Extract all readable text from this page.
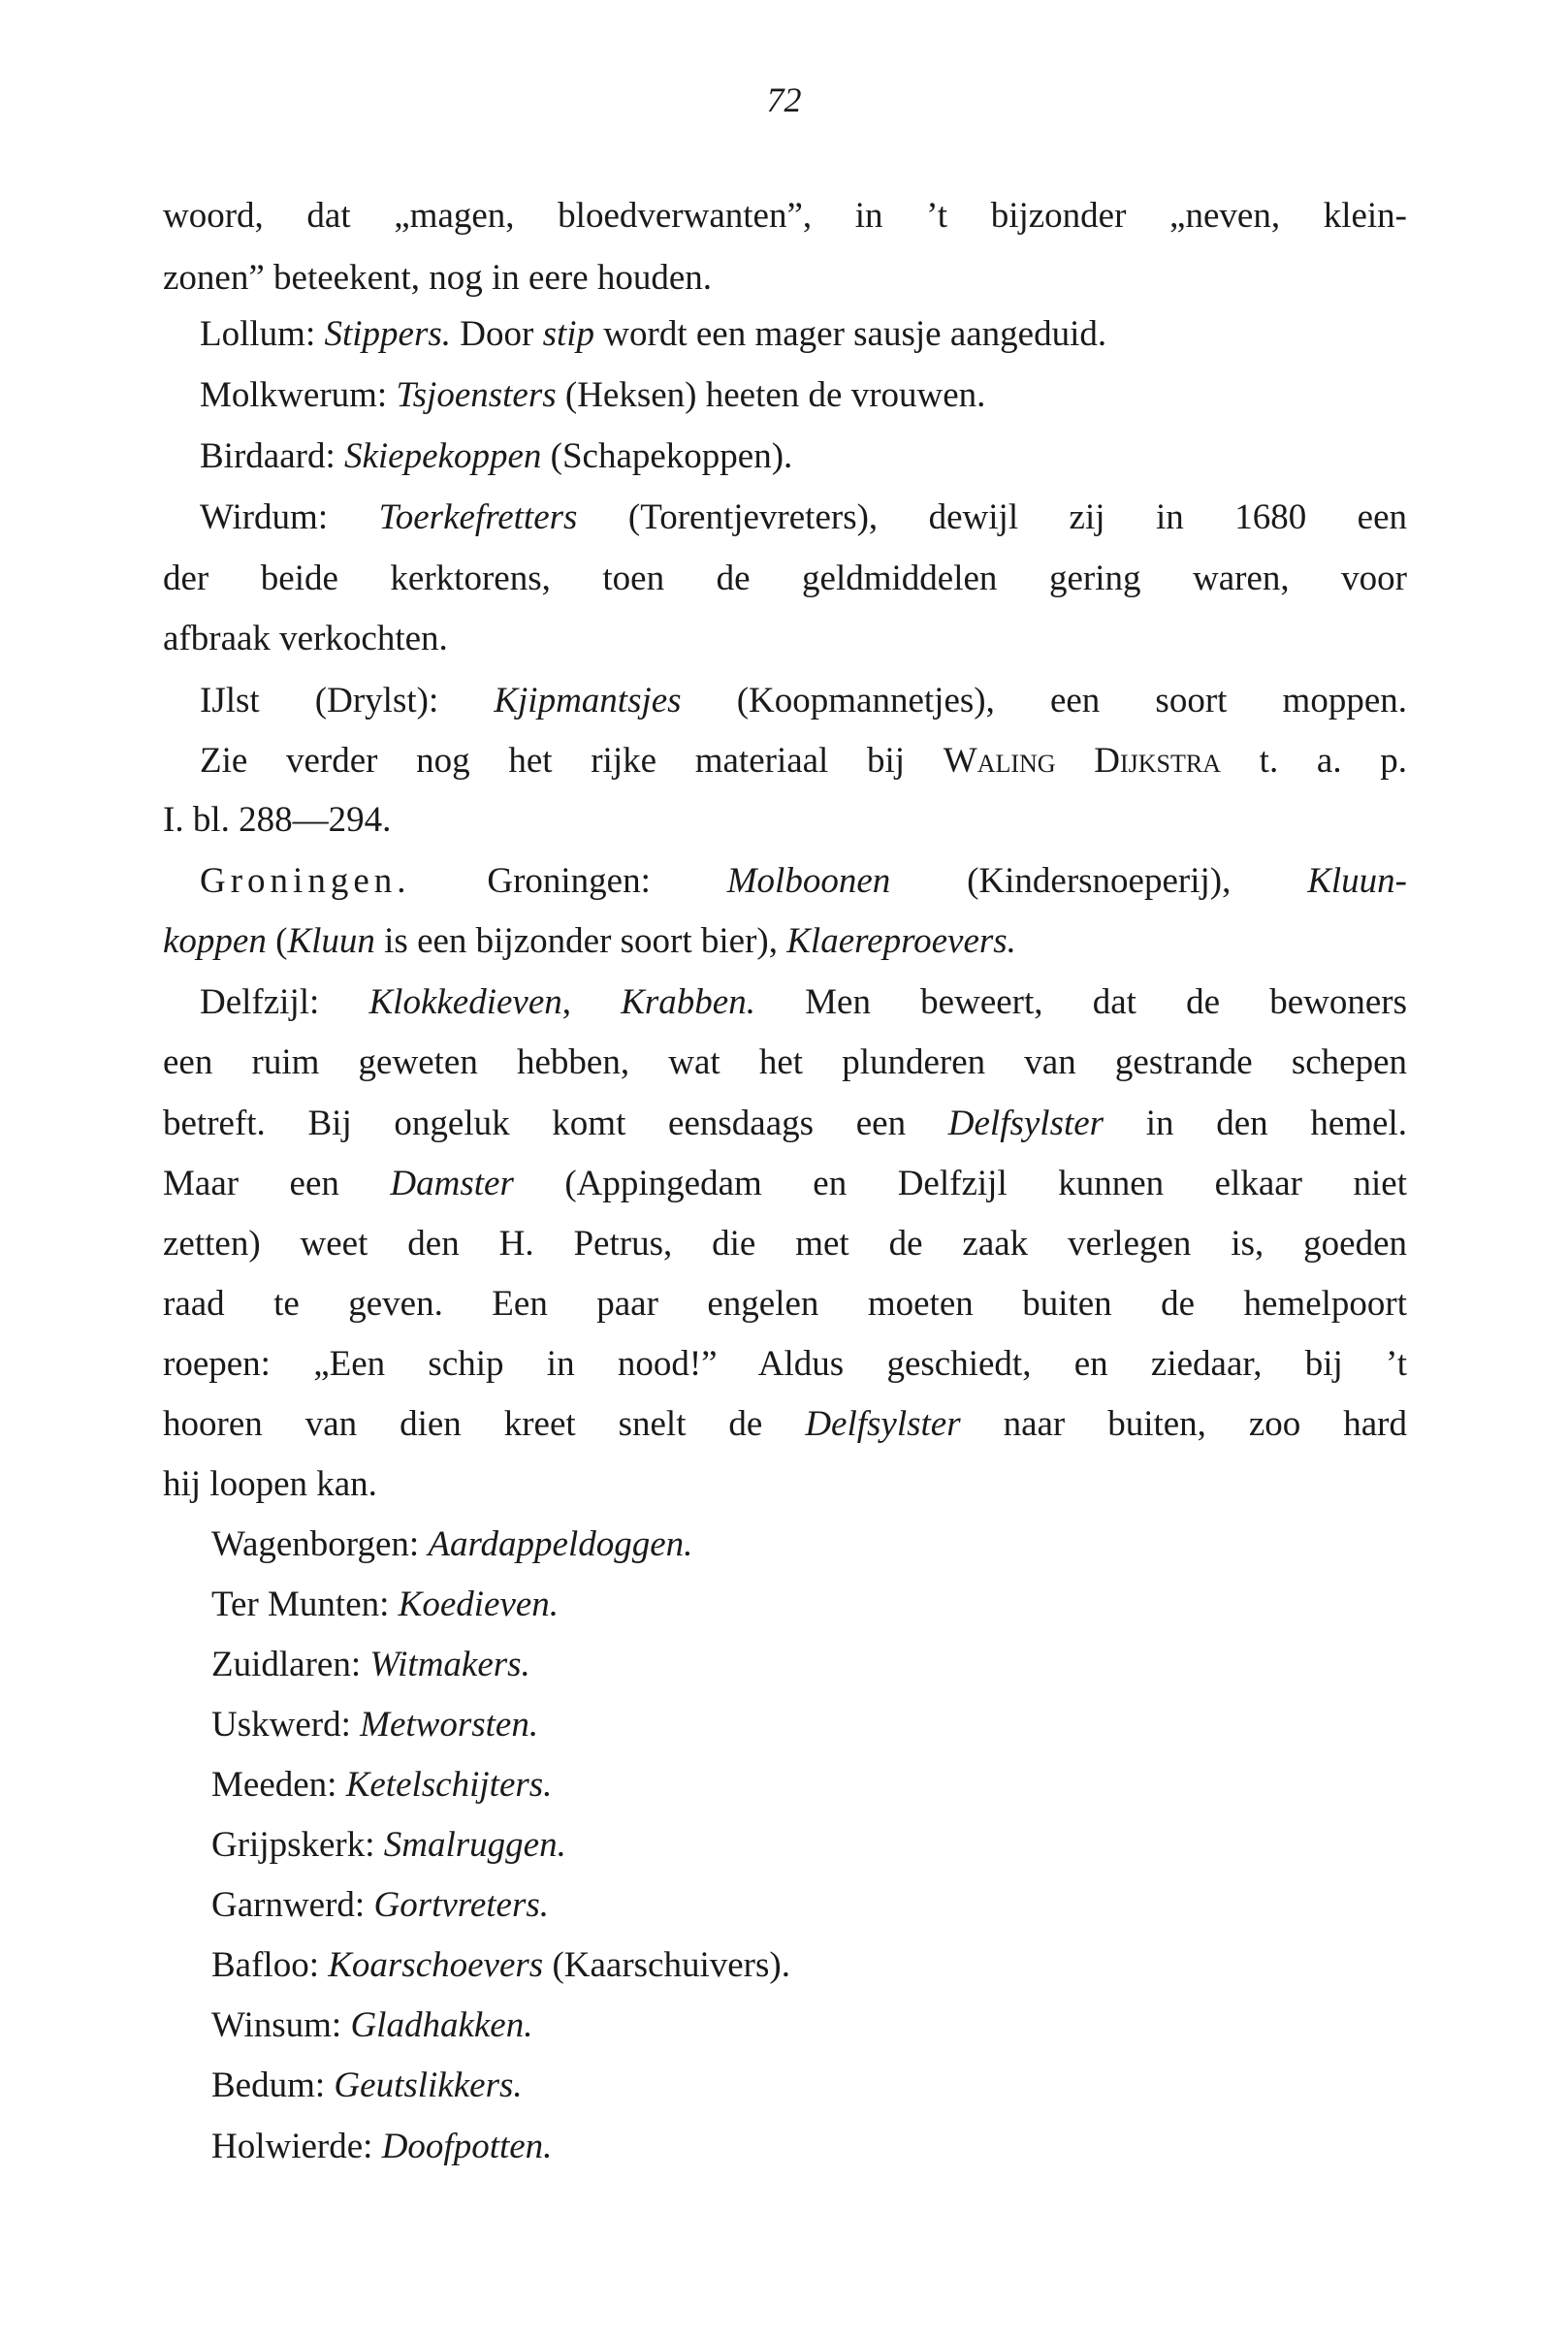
72
woord, dat „magen, bloedverwanten”, in ’t bijzonder „neven, klein-
zonen” beteekent, nog in eere houden.
Lollum: Stippers. Door stip wordt een mager sausje aangeduid.
Molkwerum: Tsjoensters (Heksen) heeten de vrouwen.
Birdaard: Skiepekoppen (Schapekoppen).
Wirdum: Toerkefretters (Torentjevreters), dewijl zij in 1680 een
der beide kerktorens, toen de geldmiddelen gering waren, voor
afbraak verkochten.
IJlst (Drylst): Kjipmantsjes (Koopmannetjes), een soort moppen.
Zie verder nog het rijke materiaal bij Waling Dijkstra t. a. p.
I. bl. 288—294.
Groningen. Groningen: Molboonen (Kindersnoeperij), Kluun-
koppen (Kluun is een bijzonder soort bier), Klaereproevers.
Delfzijl: Klokkedieven, Krabben. Men beweert, dat de bewoners
een ruim geweten hebben, wat het plunderen van gestrande schepen
betreft. Bij ongeluk komt eensdaags een Delfsylster in den hemel.
Maar een Damster (Appingedam en Delfzijl kunnen elkaar niet
zetten) weet den H. Petrus, die met de zaak verlegen is, goeden
raad te geven. Een paar engelen moeten buiten de hemelpoort
roepen: „Een schip in nood!” Aldus geschiedt, en ziedaar, bij ’t
hooren van dien kreet snelt de Delfsylster naar buiten, zoo hard
hij loopen kan.
Wagenborgen: Aardappeldoggen.
Ter Munten: Koedieven.
Zuidlaren: Witmakers.
Uskwerd: Metworsten.
Meeden: Ketelschijters.
Grijpskerk: Smalruggen.
Garnwerd: Gortvreters.
Bafloo: Koarschoevers (Kaarschuivers).
Winsum: Gladhakken.
Bedum: Geutslikkers.
Holwierde: Doofpotten.
